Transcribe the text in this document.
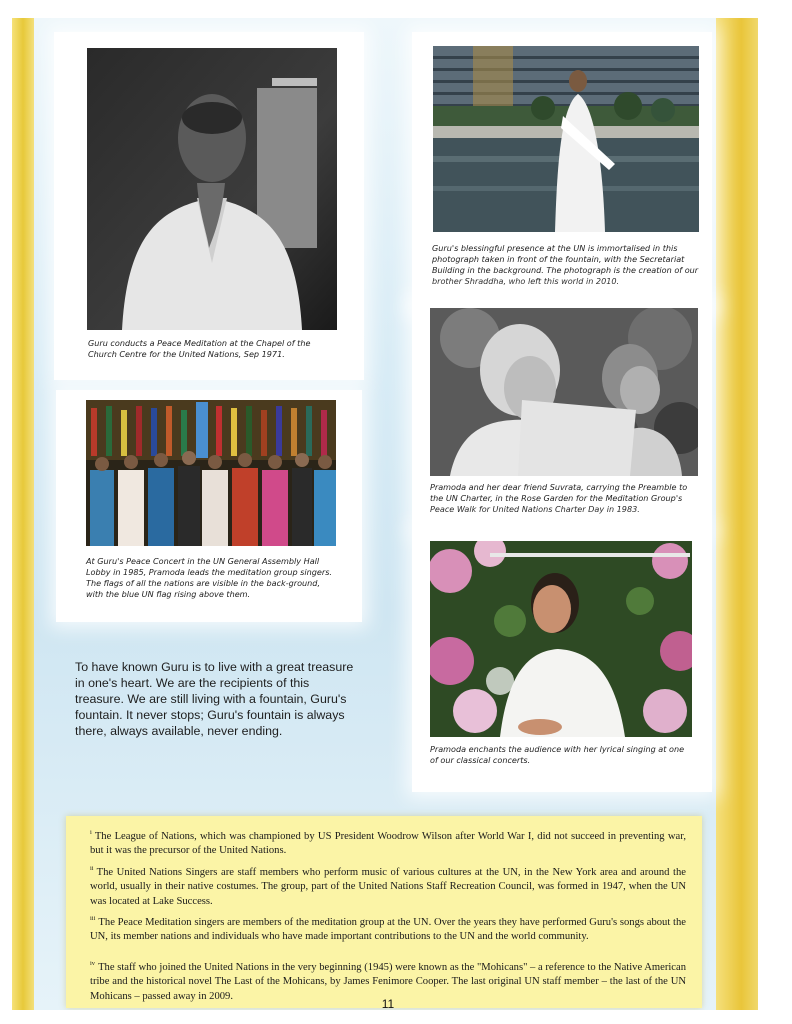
Guru conducts a Peace Meditation at the Chapel of the Church Centre for the United Nations, Sep 1971.
Guru's blessingful presence at the UN is immortalised in this photograph taken in front of the fountain, with the Secretariat Building in the background. The photograph is the creation of our brother Shraddha, who left this world in 2010.
Pramoda and her dear friend Suvrata, carrying the Preamble to the UN Charter, in the Rose Garden for the Meditation Group's Peace Walk for United Nations Charter Day in 1983.
At Guru's Peace Concert in the UN General Assembly Hall Lobby in 1985, Pramoda leads the meditation group singers. The flags of all the nations are visible in the back-ground, with the blue UN flag rising above them.
Pramoda enchants the audience with her lyrical singing at one of our classical concerts.
To have known Guru is to live with a great treasure in one's heart. We are the recipients of this treasure. We are still living with a fountain, Guru's fountain. It never stops; Guru's fountain is always there, always available, never ending.
$^i$ The League of Nations, which was championed by US President Woodrow Wilson after World War I, did not succeed in preventing war, but it was the precursor of the United Nations.
$^{ii}$ The United Nations Singers are staff members who perform music of various cultures at the UN, in the New York area and around the world, usually in their native costumes. The group, part of the United Nations Staff Recreation Council, was formed in 1947, when the UN was located at Lake Success.
$^{iii}$ The Peace Meditation singers are members of the meditation group at the UN. Over the years they have performed Guru's songs about the UN, its member nations and individuals who have made important contributions to the UN and the world community.
$^{iv}$ The staff who joined the United Nations in the very beginning (1945) were known as the "Mohicans" – a reference to the Native American tribe and the historical novel The Last of the Mohicans, by James Fenimore Cooper. The last original UN staff member – the last of the UN Mohicans – passed away in 2009.
11
